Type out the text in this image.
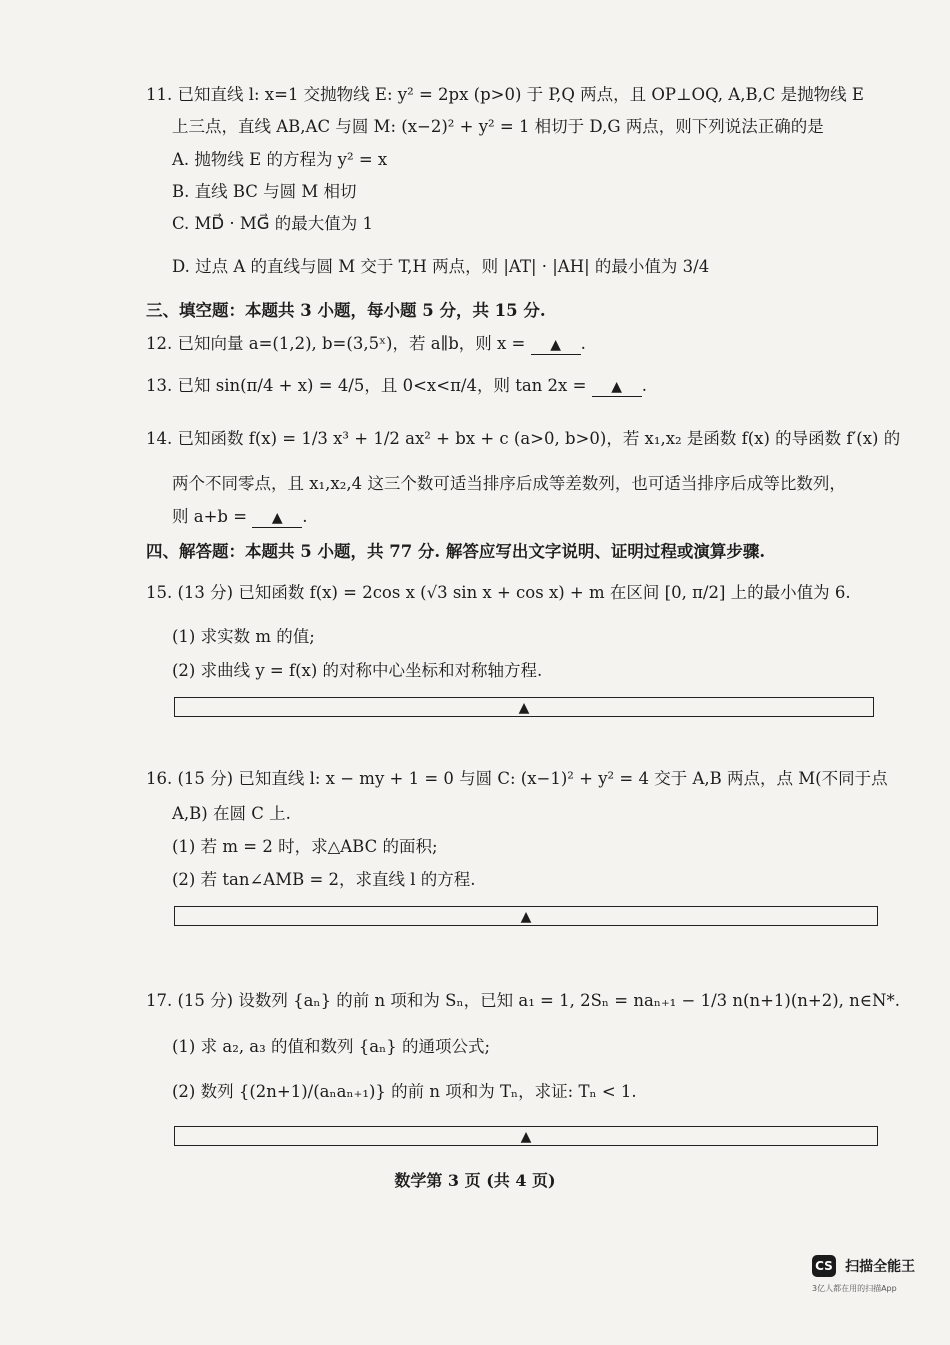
11. 已知直线 l: x=1 交抛物线 E: y² = 2px (p>0) 于 P,Q 两点，且 OP⊥OQ, A,B,C 是抛物线 E
上三点，直线 AB,AC 与圆 M: (x−2)² + y² = 1 相切于 D,G 两点，则下列说法正确的是
A. 抛物线 E 的方程为 y² = x
B. 直线 BC 与圆 M 相切
C. MD⃗ · MG⃗ 的最大值为 1
D. 过点 A 的直线与圆 M 交于 T,H 两点，则 |AT| · |AH| 的最小值为 3/4
三、填空题：本题共 3 小题，每小题 5 分，共 15 分.
12. 已知向量 a=(1,2), b=(3,5ˣ)，若 a∥b，则 x = ▲ .
13. 已知 sin(π/4 + x) = 4/5，且 0<x<π/4，则 tan 2x = ▲ .
14. 已知函数 f(x) = 1/3 x³ + 1/2 ax² + bx + c (a>0, b>0)，若 x₁,x₂ 是函数 f(x) 的导函数 f′(x) 的
两个不同零点，且 x₁,x₂,4 这三个数可适当排序后成等差数列，也可适当排序后成等比数列，
则 a+b = ▲ .
四、解答题：本题共 5 小题，共 77 分. 解答应写出文字说明、证明过程或演算步骤.
15. (13 分) 已知函数 f(x) = 2cos x (√3 sin x + cos x) + m 在区间 [0, π/2] 上的最小值为 6.
(1) 求实数 m 的值;
(2) 求曲线 y = f(x) 的对称中心坐标和对称轴方程.
▲
16. (15 分) 已知直线 l: x − my + 1 = 0 与圆 C: (x−1)² + y² = 4 交于 A,B 两点，点 M(不同于点
A,B) 在圆 C 上.
(1) 若 m = 2 时，求△ABC 的面积;
(2) 若 tan∠AMB = 2，求直线 l 的方程.
▲
17. (15 分) 设数列 {aₙ} 的前 n 项和为 Sₙ，已知 a₁ = 1, 2Sₙ = naₙ₊₁ − 1/3 n(n+1)(n+2), n∈N*.
(1) 求 a₂, a₃ 的值和数列 {aₙ} 的通项公式;
(2) 数列 {(2n+1)/(aₙaₙ₊₁)} 的前 n 项和为 Tₙ，求证: Tₙ < 1.
▲
数学第 3 页 (共 4 页)
CS 扫描全能王
3亿人都在用的扫描App
